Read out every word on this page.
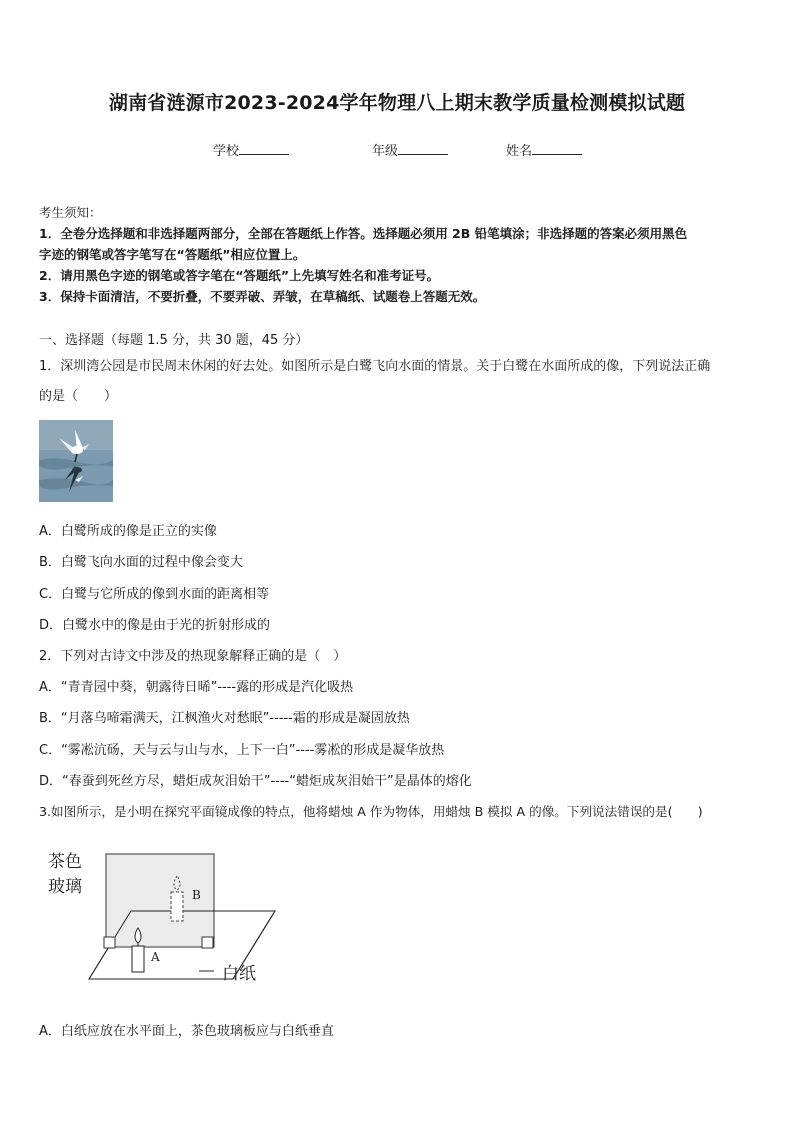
湖南省涟源市2023-2024学年物理八上期末教学质量检测模拟试题
学校	年级	姓名
考生须知：
1．全卷分选择题和非选择题两部分，全部在答题纸上作答。选择题必须用 2B 铅笔填涂；非选择题的答案必须用黑色
字迹的钢笔或答字笔写在“答题纸”相应位置上。
2．请用黑色字迹的钢笔或答字笔在“答题纸”上先填写姓名和准考证号。
3．保持卡面清洁，不要折叠，不要弄破、弄皱，在草稿纸、试题卷上答题无效。
一、选择题（每题 1.5 分，共 30 题，45 分）
1．深圳湾公园是市民周末休闲的好去处。如图所示是白鹭飞向水面的情景。关于白鹭在水面所成的像，下列说法正确
的是（　　）
A．白鹭所成的像是正立的实像
B．白鹭飞向水面的过程中像会变大
C．白鹭与它所成的像到水面的距离相等
D．白鹭水中的像是由于光的折射形成的
2．下列对古诗文中涉及的热现象解释正确的是（　）
A．“青青园中葵，朝露待日晞”----露的形成是汽化吸热
B．“月落乌啼霜满天，江枫渔火对愁眠”-----霜的形成是凝固放热
C．“雾凇沆砀，天与云与山与水，上下一白”----雾凇的形成是凝华放热
D．“春蚕到死丝方尽，蜡炬成灰泪始干”----“蜡炬成灰泪始干”是晶体的熔化
3.如图所示，是小明在探究平面镜成像的特点，他将蜡烛 A 作为物体，用蜡烛 B 模拟 A 的像。下列说法错误的是(　　)
茶色
玻璃
白纸
A
B
A．白纸应放在水平面上，茶色玻璃板应与白纸垂直
